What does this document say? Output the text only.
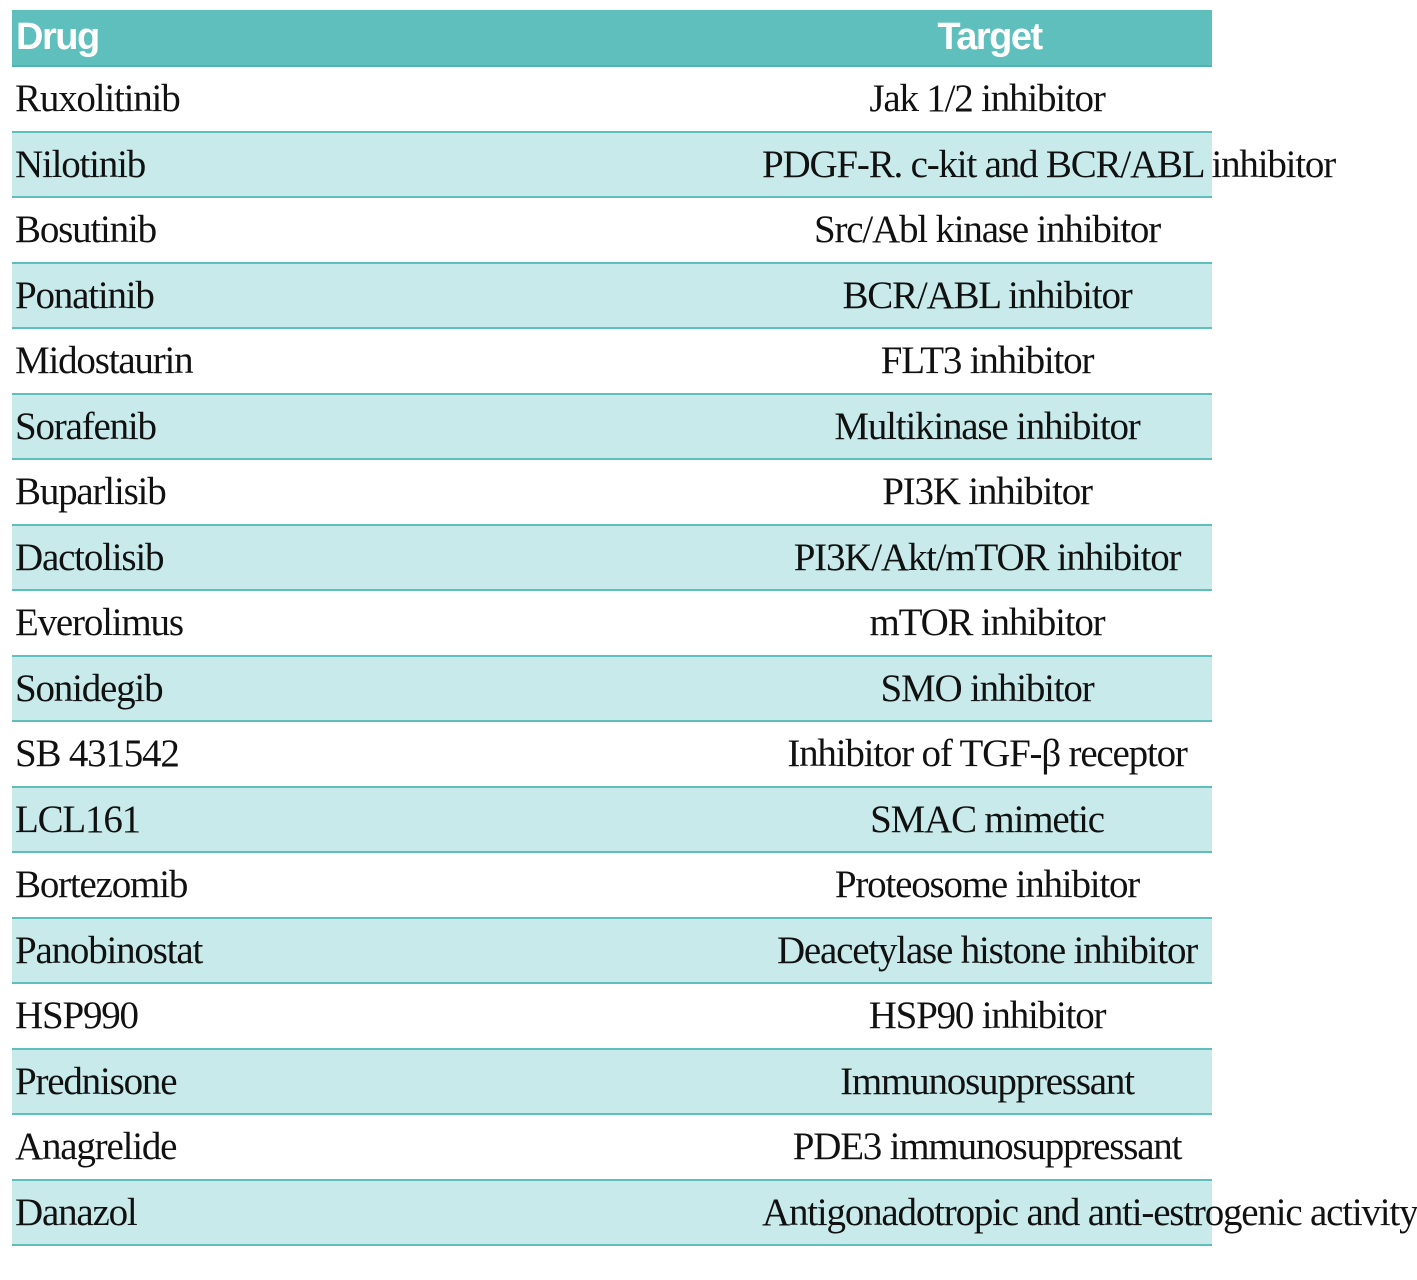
Drug	Target
Ruxolitinib	Jak 1/2 inhibitor
Nilotinib	PDGF-R. c-kit and BCR/ABL inhibitor
Bosutinib	Src/Abl kinase inhibitor
Ponatinib	BCR/ABL inhibitor
Midostaurin	FLT3 inhibitor
Sorafenib	Multikinase inhibitor
Buparlisib	PI3K inhibitor
Dactolisib	PI3K/Akt/mTOR inhibitor
Everolimus	mTOR inhibitor
Sonidegib	SMO inhibitor
SB 431542	Inhibitor of TGF-β receptor
LCL161	SMAC mimetic
Bortezomib	Proteosome inhibitor
Panobinostat	Deacetylase histone inhibitor
HSP990	HSP90 inhibitor
Prednisone	Immunosuppressant
Anagrelide	PDE3 immunosuppressant
Danazol	Antigonadotropic and anti-estrogenic activity
